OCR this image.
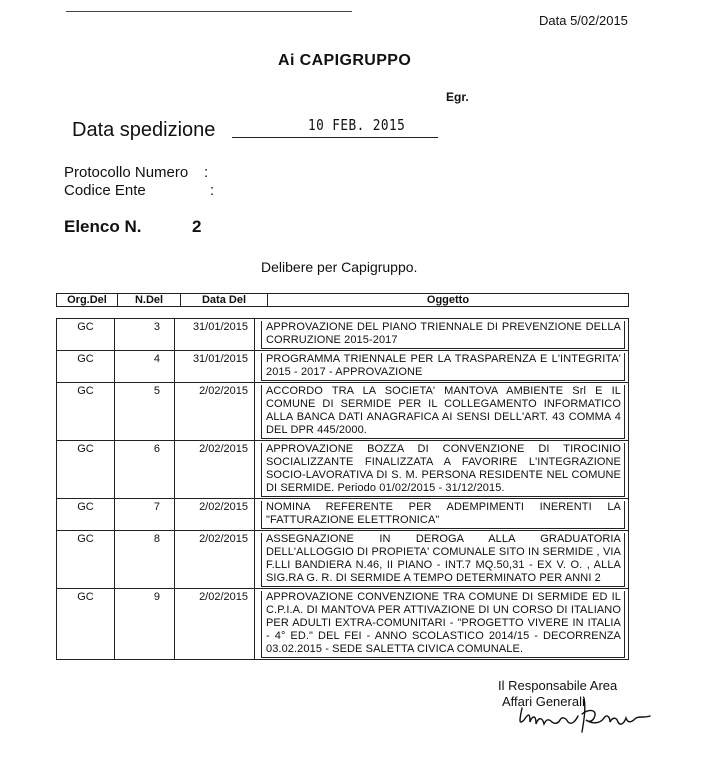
Data 5/02/2015
Ai CAPIGRUPPO
Egr.
Data spedizione	10 FEB. 2015
Protocollo Numero :
Codice Ente	:
Elenco N.	2
Delibere per Capigruppo.
Org.Del	N.Del	Data Del	Oggetto
GC	3	31/01/2015	APPROVAZIONE DEL PIANO TRIENNALE DI PREVENZIONE DELLA CORRUZIONE 2015-2017

GC	4	31/01/2015	PROGRAMMA TRIENNALE PER LA TRASPARENZA E L'INTEGRITA' 2015 - 2017 - APPROVAZIONE

GC	5	2/02/2015	ACCORDO TRA LA SOCIETA' MANTOVA AMBIENTE Srl E IL COMUNE DI SERMIDE PER IL COLLEGAMENTO INFORMATICO ALLA BANCA DATI ANAGRAFICA AI SENSI DELL'ART. 43 COMMA 4 DEL DPR 445/2000.

GC	6	2/02/2015	APPROVAZIONE BOZZA DI CONVENZIONE DI TIROCINIO SOCIALIZZANTE FINALIZZATA A FAVORIRE L'INTEGRAZIONE SOCIO-LAVORATIVA DI S. M. PERSONA RESIDENTE NEL COMUNE DI SERMIDE. Periodo 01/02/2015 - 31/12/2015.

GC	7	2/02/2015	NOMINA REFERENTE PER ADEMPIMENTI INERENTI LA "FATTURAZIONE ELETTRONICA"

GC	8	2/02/2015	ASSEGNAZIONE IN DEROGA ALLA GRADUATORIA DELL'ALLOGGIO DI PROPIETA' COMUNALE SITO IN SERMIDE , VIA F.LLI BANDIERA N.46, II PIANO - INT.7 MQ.50,31 - EX V. O. , ALLA SIG.RA G. R. DI SERMIDE A TEMPO DETERMINATO PER ANNI 2

GC	9	2/02/2015	APPROVAZIONE CONVENZIONE TRA COMUNE DI SERMIDE ED IL C.P.I.A. DI MANTOVA PER ATTIVAZIONE DI UN CORSO DI ITALIANO PER ADULTI EXTRA-COMUNITARI - "PROGETTO VIVERE IN ITALIA - 4° ED." DEL FEI - ANNO SCOLASTICO 2014/15 - DECORRENZA 03.02.2015 - SEDE SALETTA CIVICA COMUNALE.
Il Responsabile Area
Affari Generali
